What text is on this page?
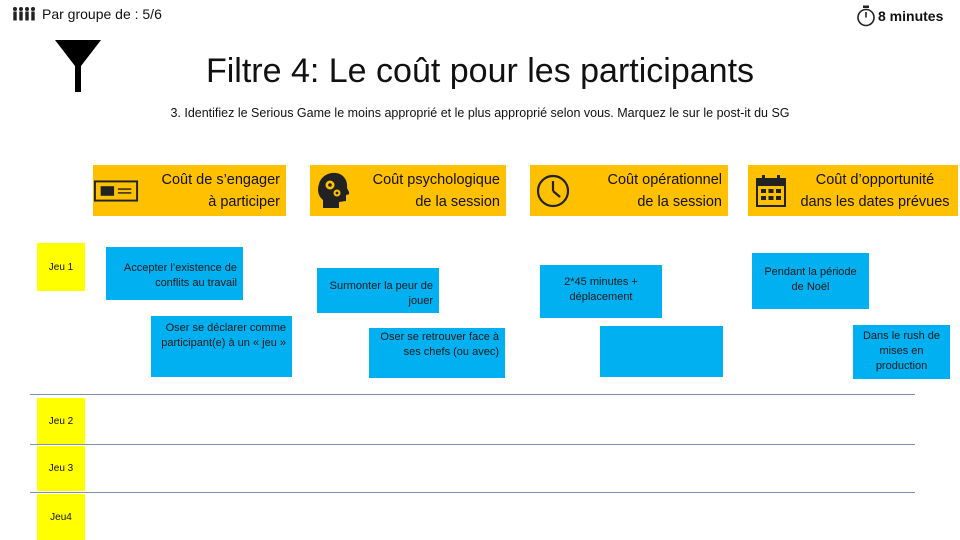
Par groupe de : 5/6	8 minutes
Filtre 4: Le coût pour les participants
3. Identifiez le Serious Game le moins approprié et le plus approprié selon vous. Marquez le sur le post-it du SG
Coût de s’engager
à participer
Coût psychologique
de la session
Coût opérationnel
de la session
Coût d’opportunité
dans les dates prévues
Jeu 1
Jeu 2
Jeu 3
Jeu4
Accepter l’existence de conflits au travail
Oser se déclarer comme participant(e) à un « jeu »
Surmonter la peur de jouer
Oser se retrouver face à ses chefs (ou avec)
2*45 minutes + déplacement
Pendant la période de Noël
Dans le rush de mises en production
